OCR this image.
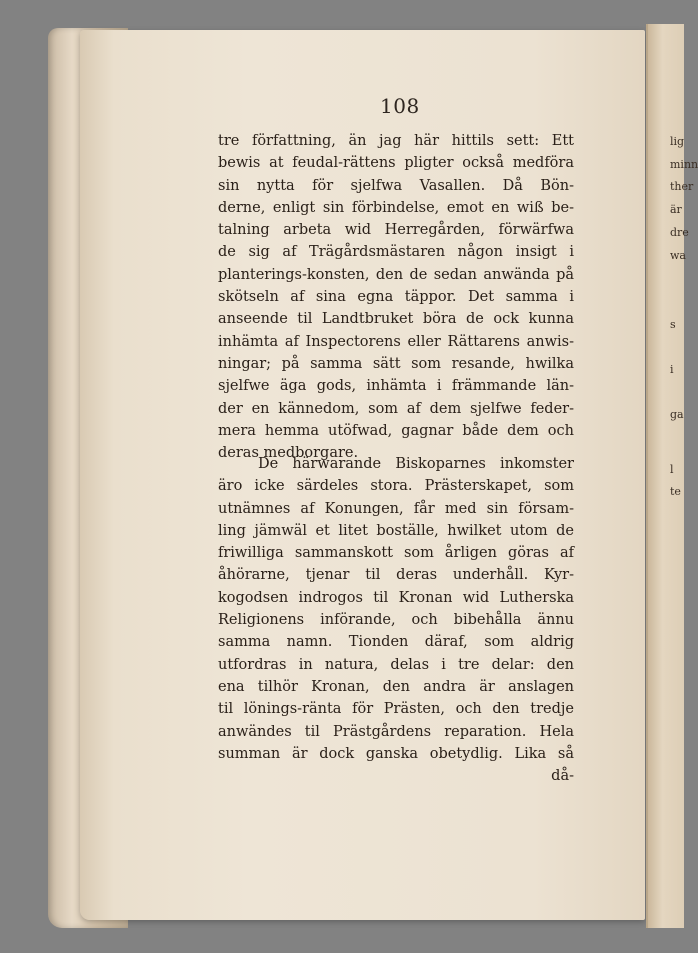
lig
minn
ther
är
dre
wa
s
i
ga
l
te
108
tre författning, än jag här hittils sett: Ett
bewis at feudal-rättens pligter också medföra
sin nytta för sjelfwa Vasallen. Då Bön-
derne, enligt sin förbindelse, emot en wiß be-
talning arbeta wid Herregården, förwärfwa
de sig af Trägårdsmästaren någon insigt i
planterings-konsten, den de sedan anwända på
skötseln af sina egna täppor. Det samma i
anseende til Landtbruket böra de ock kunna
inhämta af Inspectorens eller Rättarens anwis-
ningar; på samma sätt som resande, hwilka
sjelfwe äga gods, inhämta i främmande län-
der en kännedom, som af dem sjelfwe feder-
mera hemma utöfwad, gagnar både dem och
deras medborgare.
De härwarande Biskoparnes inkomster
äro icke särdeles stora. Prästerskapet, som
utnämnes af Konungen, får med sin försam-
ling jämwäl et litet boställe, hwilket utom de
friwilliga sammanskott som årligen göras af
åhörarne, tjenar til deras underhåll. Kyr-
kogodsen indrogos til Kronan wid Lutherska
Religionens införande, och bibehålla ännu
samma namn. Tionden däraf, som aldrig
utfordras in natura, delas i tre delar: den
ena tilhör Kronan, den andra är anslagen
til lönings-ränta för Prästen, och den tredje
anwändes til Prästgårdens reparation. Hela
summan är dock ganska obetydlig. Lika så
då-
